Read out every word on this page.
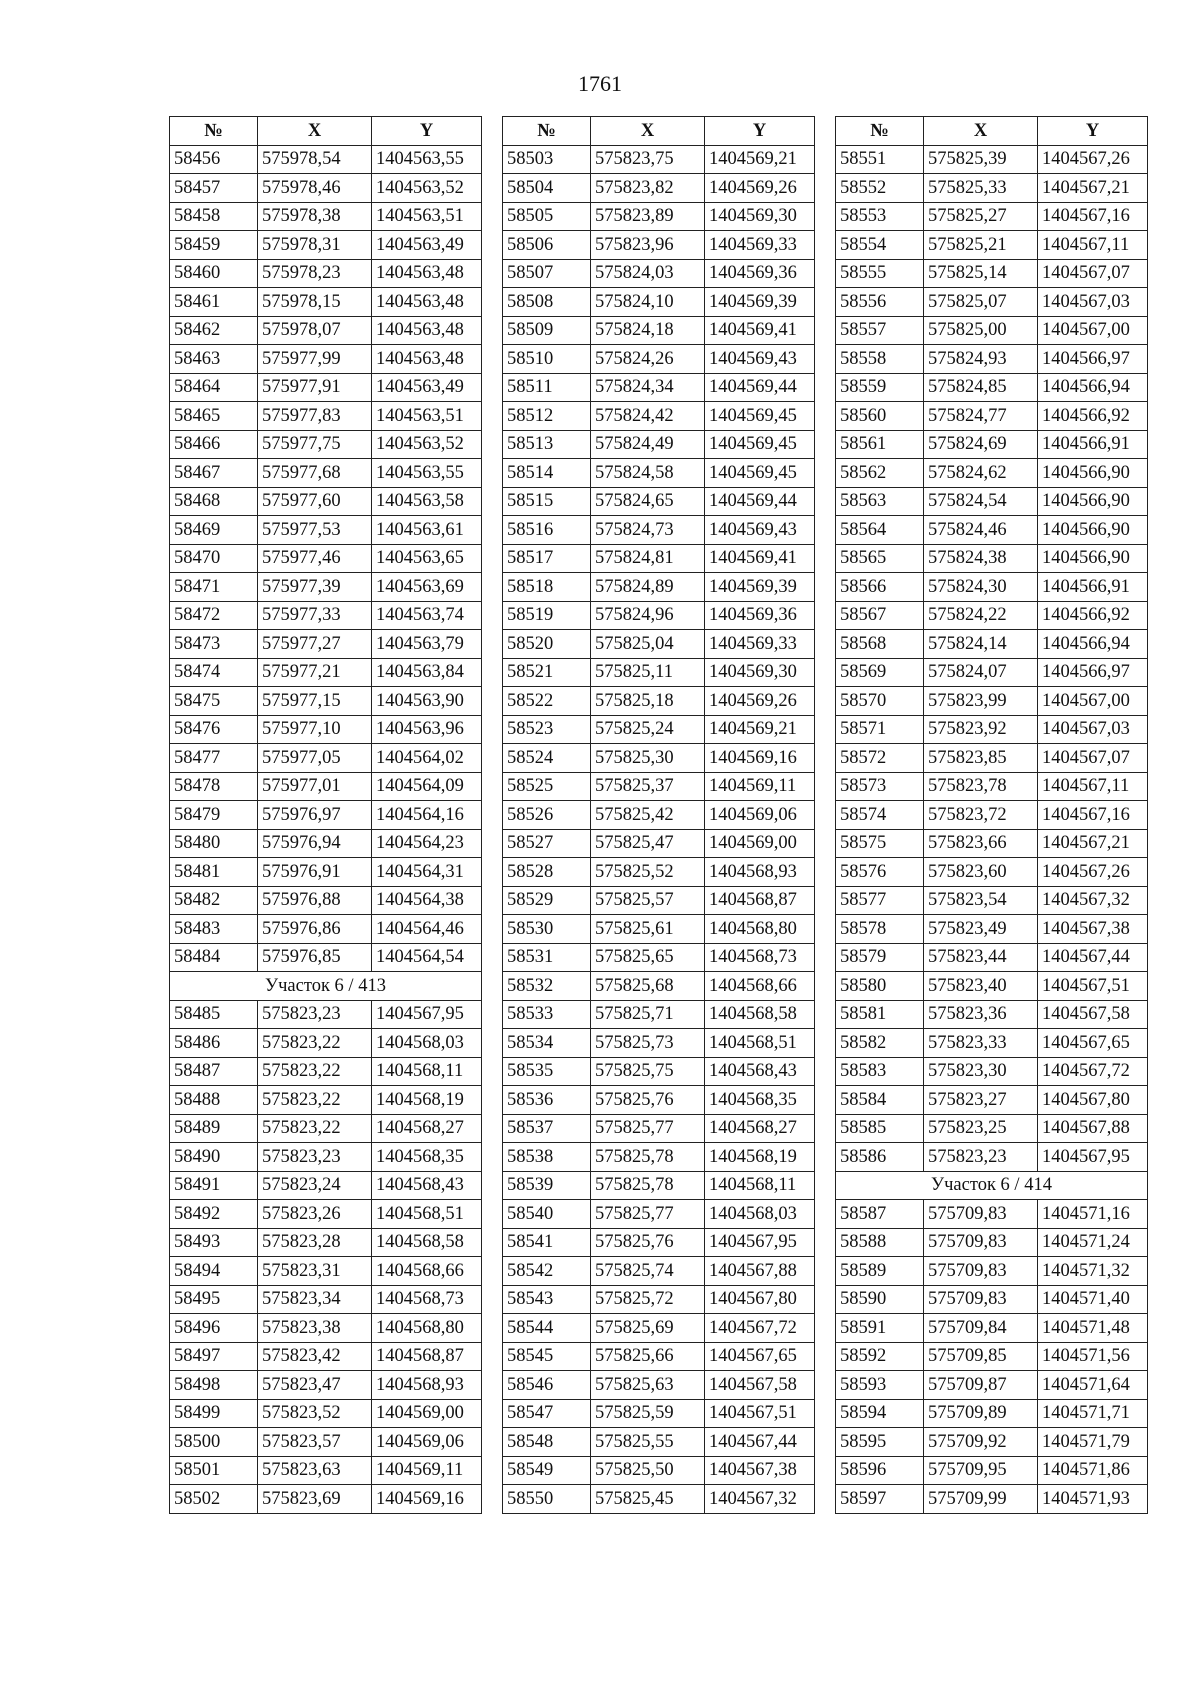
1761
№	X	Y
58456	575978,54	1404563,55
58457	575978,46	1404563,52
58458	575978,38	1404563,51
58459	575978,31	1404563,49
58460	575978,23	1404563,48
58461	575978,15	1404563,48
58462	575978,07	1404563,48
58463	575977,99	1404563,48
58464	575977,91	1404563,49
58465	575977,83	1404563,51
58466	575977,75	1404563,52
58467	575977,68	1404563,55
58468	575977,60	1404563,58
58469	575977,53	1404563,61
58470	575977,46	1404563,65
58471	575977,39	1404563,69
58472	575977,33	1404563,74
58473	575977,27	1404563,79
58474	575977,21	1404563,84
58475	575977,15	1404563,90
58476	575977,10	1404563,96
58477	575977,05	1404564,02
58478	575977,01	1404564,09
58479	575976,97	1404564,16
58480	575976,94	1404564,23
58481	575976,91	1404564,31
58482	575976,88	1404564,38
58483	575976,86	1404564,46
58484	575976,85	1404564,54
Участок 6 / 413		
58485	575823,23	1404567,95
58486	575823,22	1404568,03
58487	575823,22	1404568,11
58488	575823,22	1404568,19
58489	575823,22	1404568,27
58490	575823,23	1404568,35
58491	575823,24	1404568,43
58492	575823,26	1404568,51
58493	575823,28	1404568,58
58494	575823,31	1404568,66
58495	575823,34	1404568,73
58496	575823,38	1404568,80
58497	575823,42	1404568,87
58498	575823,47	1404568,93
58499	575823,52	1404569,00
58500	575823,57	1404569,06
58501	575823,63	1404569,11
58502	575823,69	1404569,16
№	X	Y
58503	575823,75	1404569,21
58504	575823,82	1404569,26
58505	575823,89	1404569,30
58506	575823,96	1404569,33
58507	575824,03	1404569,36
58508	575824,10	1404569,39
58509	575824,18	1404569,41
58510	575824,26	1404569,43
58511	575824,34	1404569,44
58512	575824,42	1404569,45
58513	575824,49	1404569,45
58514	575824,58	1404569,45
58515	575824,65	1404569,44
58516	575824,73	1404569,43
58517	575824,81	1404569,41
58518	575824,89	1404569,39
58519	575824,96	1404569,36
58520	575825,04	1404569,33
58521	575825,11	1404569,30
58522	575825,18	1404569,26
58523	575825,24	1404569,21
58524	575825,30	1404569,16
58525	575825,37	1404569,11
58526	575825,42	1404569,06
58527	575825,47	1404569,00
58528	575825,52	1404568,93
58529	575825,57	1404568,87
58530	575825,61	1404568,80
58531	575825,65	1404568,73
58532	575825,68	1404568,66
58533	575825,71	1404568,58
58534	575825,73	1404568,51
58535	575825,75	1404568,43
58536	575825,76	1404568,35
58537	575825,77	1404568,27
58538	575825,78	1404568,19
58539	575825,78	1404568,11
58540	575825,77	1404568,03
58541	575825,76	1404567,95
58542	575825,74	1404567,88
58543	575825,72	1404567,80
58544	575825,69	1404567,72
58545	575825,66	1404567,65
58546	575825,63	1404567,58
58547	575825,59	1404567,51
58548	575825,55	1404567,44
58549	575825,50	1404567,38
58550	575825,45	1404567,32
№	X	Y
58551	575825,39	1404567,26
58552	575825,33	1404567,21
58553	575825,27	1404567,16
58554	575825,21	1404567,11
58555	575825,14	1404567,07
58556	575825,07	1404567,03
58557	575825,00	1404567,00
58558	575824,93	1404566,97
58559	575824,85	1404566,94
58560	575824,77	1404566,92
58561	575824,69	1404566,91
58562	575824,62	1404566,90
58563	575824,54	1404566,90
58564	575824,46	1404566,90
58565	575824,38	1404566,90
58566	575824,30	1404566,91
58567	575824,22	1404566,92
58568	575824,14	1404566,94
58569	575824,07	1404566,97
58570	575823,99	1404567,00
58571	575823,92	1404567,03
58572	575823,85	1404567,07
58573	575823,78	1404567,11
58574	575823,72	1404567,16
58575	575823,66	1404567,21
58576	575823,60	1404567,26
58577	575823,54	1404567,32
58578	575823,49	1404567,38
58579	575823,44	1404567,44
58580	575823,40	1404567,51
58581	575823,36	1404567,58
58582	575823,33	1404567,65
58583	575823,30	1404567,72
58584	575823,27	1404567,80
58585	575823,25	1404567,88
58586	575823,23	1404567,95
Участок 6 / 414		
58587	575709,83	1404571,16
58588	575709,83	1404571,24
58589	575709,83	1404571,32
58590	575709,83	1404571,40
58591	575709,84	1404571,48
58592	575709,85	1404571,56
58593	575709,87	1404571,64
58594	575709,89	1404571,71
58595	575709,92	1404571,79
58596	575709,95	1404571,86
58597	575709,99	1404571,93
